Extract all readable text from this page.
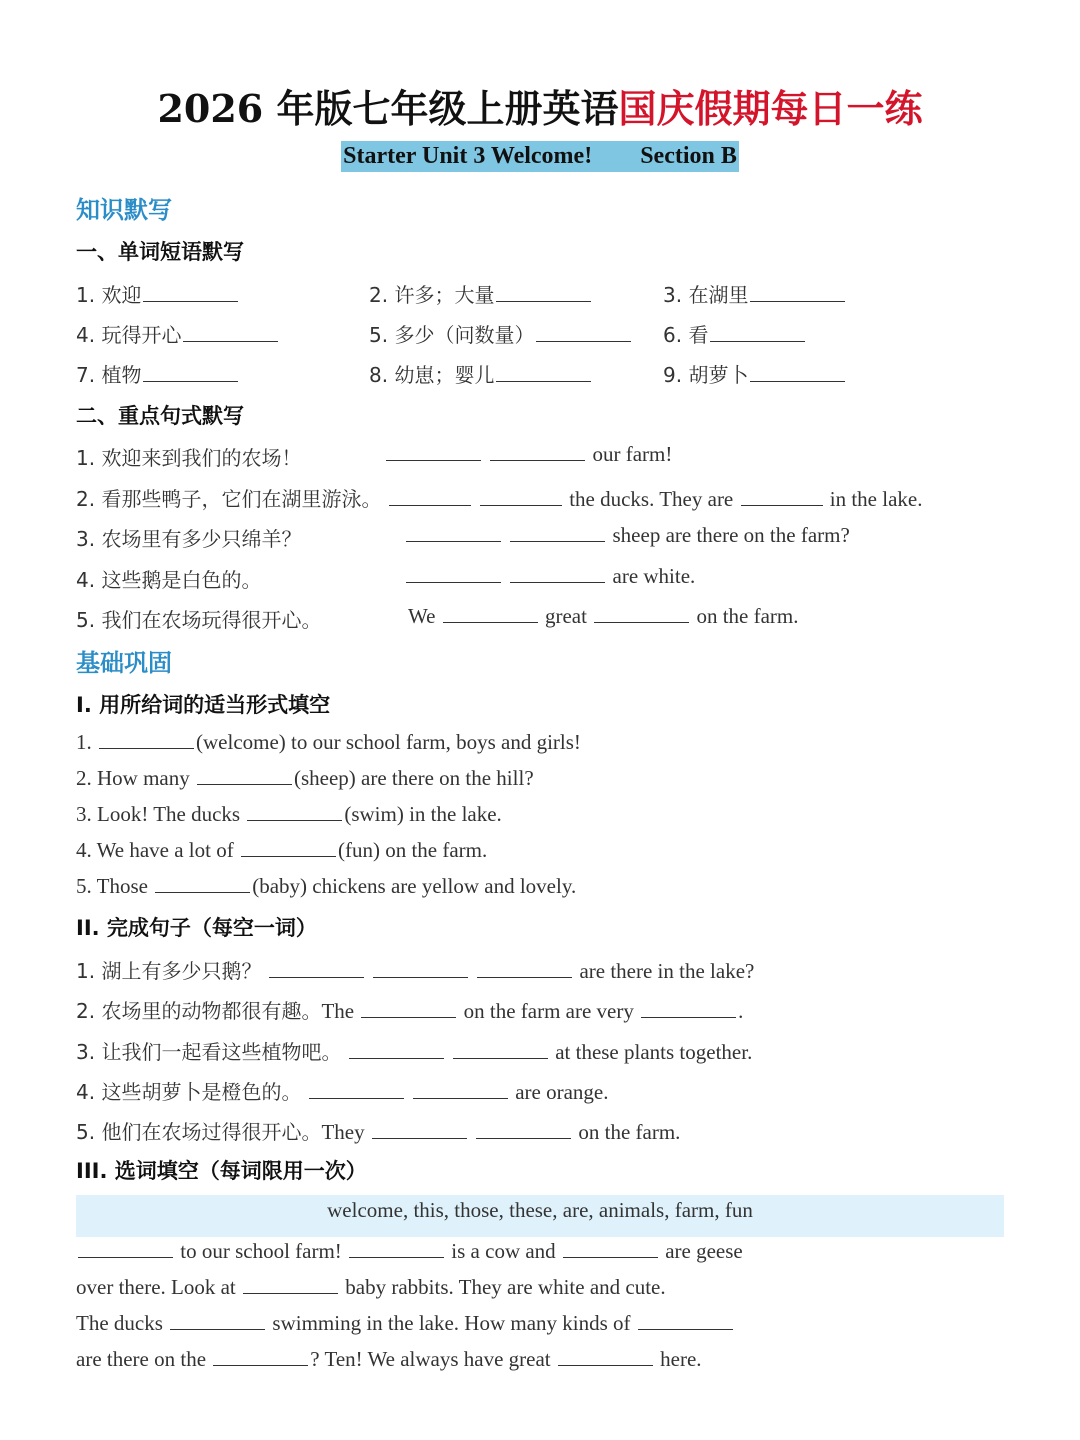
2026 年版七年级上册英语国庆假期每日一练
Starter Unit 3 Welcome! Section B
知识默写
一、单词短语默写
1. 欢迎	2. 许多；大量	3. 在湖里
4. 玩得开心	5. 多少（问数量）	6. 看
7. 植物	8. 幼崽；婴儿	9. 胡萝卜
二、重点句式默写
1. 欢迎来到我们的农场！	our farm!
2. 看那些鸭子，它们在湖里游泳。	the ducks. They are	in the lake.
3. 农场里有多少只绵羊？	sheep are there on the farm?
4. 这些鹅是白色的。	are white.
5. 我们在农场玩得很开心。	We	great	on the farm.
基础巩固
I. 用所给词的适当形式填空
1.	(welcome) to our school farm, boys and girls!
2. How many	(sheep) are there on the hill?
3. Look! The ducks	(swim) in the lake.
4. We have a lot of	(fun) on the farm.
5. Those	(baby) chickens are yellow and lovely.
II. 完成句子（每空一词）
1. 湖上有多少只鹅？	are there in the lake?
2. 农场里的动物都很有趣。The	on the farm are very	.
3. 让我们一起看这些植物吧。	at these plants together.
4. 这些胡萝卜是橙色的。	are orange.
5. 他们在农场过得很开心。They	on the farm.
III. 选词填空（每词限用一次）
welcome, this, those, these, are, animals, farm, fun
to our school farm!	is a cow and	are geese
over there. Look at	baby rabbits. They are white and cute.
The ducks	swimming in the lake. How many kinds of
are there on the	? Ten! We always have great	here.
